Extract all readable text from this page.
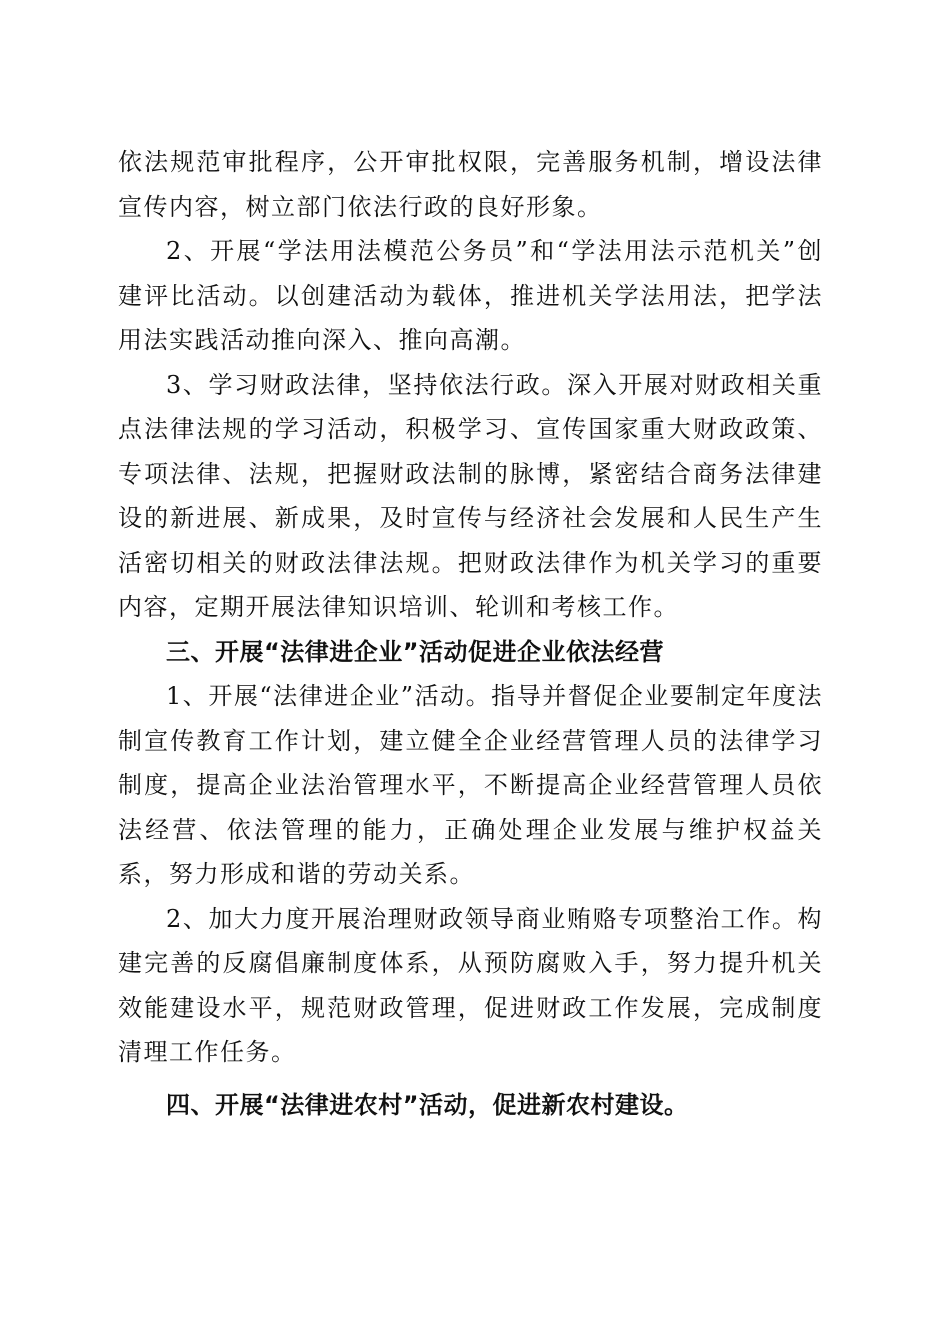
依法规范审批程序，公开审批权限，完善服务机制，增设法律宣传内容，树立部门依法行政的良好形象。

2、开展“学法用法模范公务员”和“学法用法示范机关”创建评比活动。以创建活动为载体，推进机关学法用法，把学法用法实践活动推向深入、推向高潮。

3、学习财政法律，坚持依法行政。深入开展对财政相关重点法律法规的学习活动，积极学习、宣传国家重大财政政策、专项法律、法规，把握财政法制的脉博，紧密结合商务法律建设的新进展、新成果，及时宣传与经济社会发展和人民生产生活密切相关的财政法律法规。把财政法律作为机关学习的重要内容，定期开展法律知识培训、轮训和考核工作。

三、开展“法律进企业”活动促进企业依法经营

1、开展“法律进企业”活动。指导并督促企业要制定年度法制宣传教育工作计划，建立健全企业经营管理人员的法律学习制度，提高企业法治管理水平，不断提高企业经营管理人员依法经营、依法管理的能力，正确处理企业发展与维护权益关系，努力形成和谐的劳动关系。

2、加大力度开展治理财政领导商业贿赂专项整治工作。构建完善的反腐倡廉制度体系，从预防腐败入手，努力提升机关效能建设水平，规范财政管理，促进财政工作发展，完成制度清理工作任务。

四、开展“法律进农村”活动，促进新农村建设。
